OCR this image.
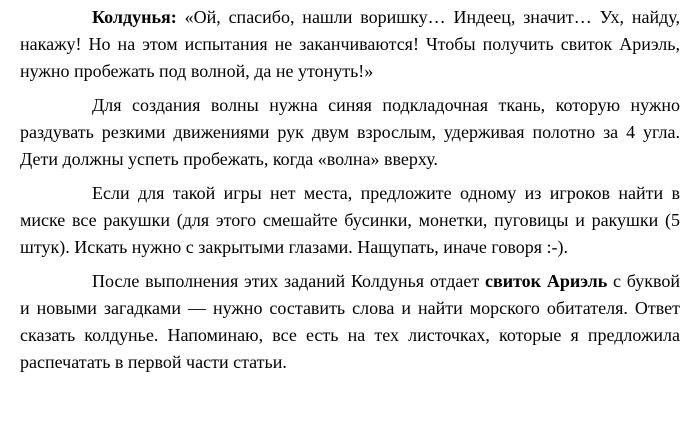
Колдунья: «Ой, спасибо, нашли воришку… Индеец, значит… Ух, найду, накажу! Но на этом испытания не заканчиваются! Чтобы получить свиток Ариэль, нужно пробежать под волной, да не утонуть!»

Для создания волны нужна синяя подкладочная ткань, которую нужно раздувать резкими движениями рук двум взрослым, удерживая полотно за 4 угла. Дети должны успеть пробежать, когда «волна» вверху.

Если для такой игры нет места, предложите одному из игроков найти в миске все ракушки (для этого смешайте бусинки, монетки, пуговицы и ракушки (5 штук). Искать нужно с закрытыми глазами. Нащупать, иначе говоря :-).

После выполнения этих заданий Колдунья отдает свиток Ариэль с буквой и новыми загадками — нужно составить слова и найти морского обитателя. Ответ сказать колдунье. Напоминаю, все есть на тех листочках, которые я предложила распечатать в первой части статьи.
